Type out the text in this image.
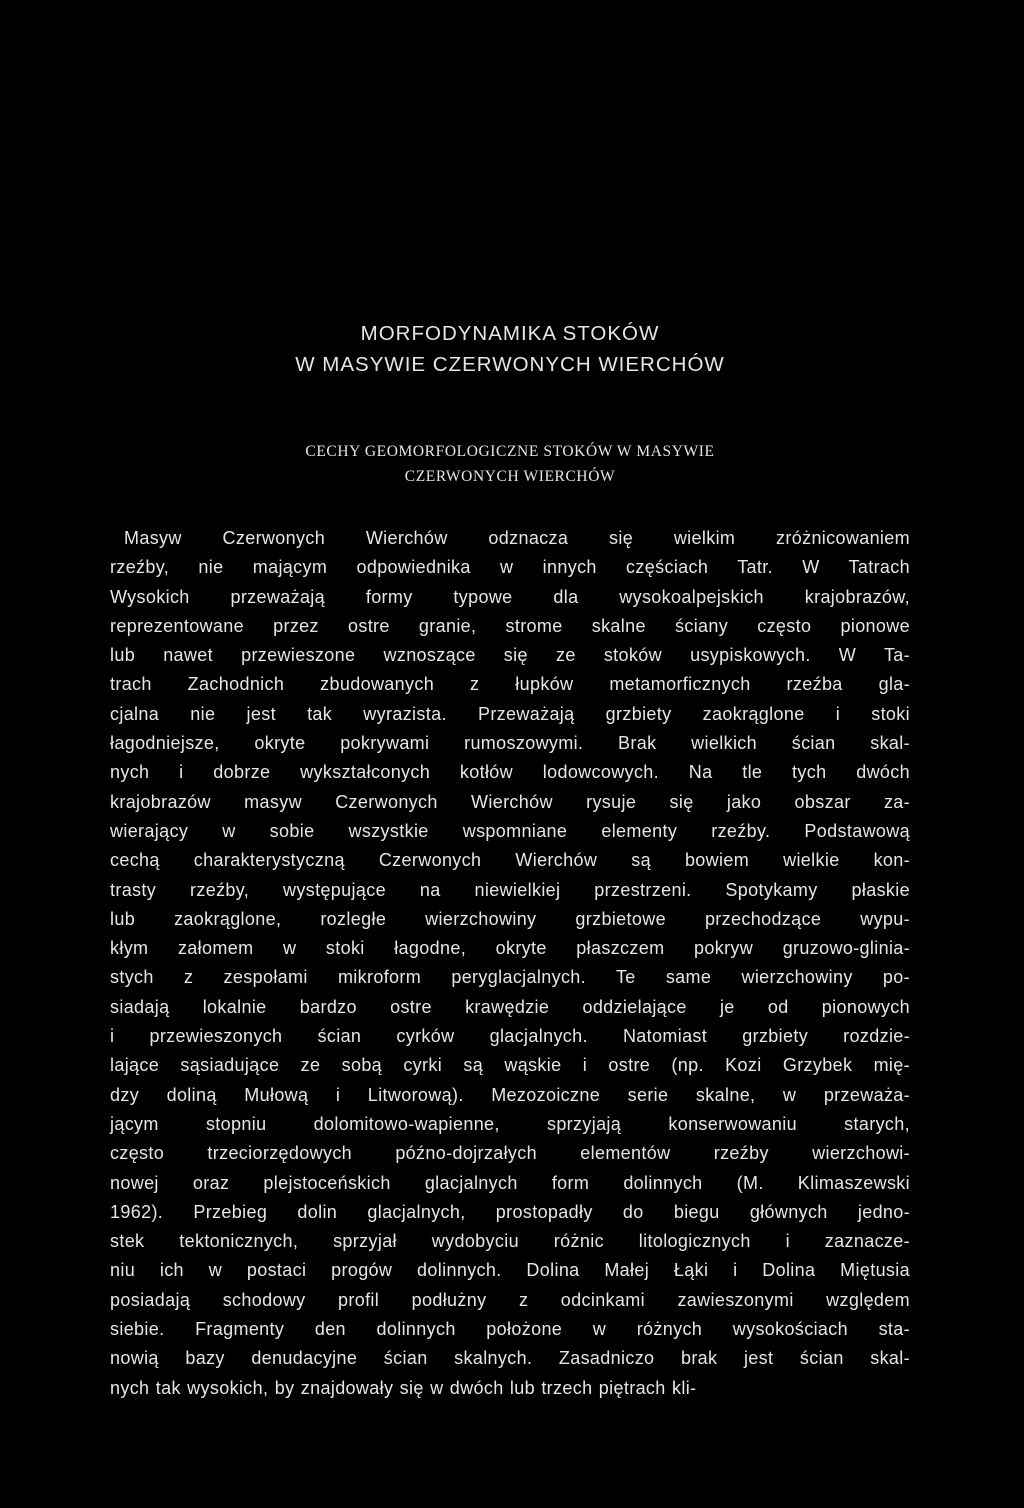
MORFODYNAMIKA STOKÓW
W MASYWIE CZERWONYCH WIERCHÓW
CECHY GEOMORFOLOGICZNE STOKÓW W MASYWIE
CZERWONYCH WIERCHÓW
Masyw Czerwonych Wierchów odznacza się wielkim zróżnicowaniem
rzeźby, nie mającym odpowiednika w innych częściach Tatr. W Tatrach
Wysokich przeważają formy typowe dla wysokoalpejskich krajobrazów,
reprezentowane przez ostre granie, strome skalne ściany często pionowe
lub nawet przewieszone wznoszące się ze stoków usypiskowych. W Ta-
trach Zachodnich zbudowanych z łupków metamorficznych rzeźba gla-
cjalna nie jest tak wyrazista. Przeważają grzbiety zaokrąglone i stoki
łagodniejsze, okryte pokrywami rumoszowymi. Brak wielkich ścian skal-
nych i dobrze wykształconych kotłów lodowcowych. Na tle tych dwóch
krajobrazów masyw Czerwonych Wierchów rysuje się jako obszar za-
wierający w sobie wszystkie wspomniane elementy rzeźby. Podstawową
cechą charakterystyczną Czerwonych Wierchów są bowiem wielkie kon-
trasty rzeźby, występujące na niewielkiej przestrzeni. Spotykamy płaskie
lub zaokrąglone, rozległe wierzchowiny grzbietowe przechodzące wypu-
kłym załomem w stoki łagodne, okryte płaszczem pokryw gruzowo-glinia-
stych z zespołami mikroform peryglacjalnych. Te same wierzchowiny po-
siadają lokalnie bardzo ostre krawędzie oddzielające je od pionowych
i przewieszonych ścian cyrków glacjalnych. Natomiast grzbiety rozdzie-
lające sąsiadujące ze sobą cyrki są wąskie i ostre (np. Kozi Grzybek mię-
dzy doliną Mułową i Litworową). Mezozoiczne serie skalne, w przeważa-
jącym stopniu dolomitowo-wapienne, sprzyjają konserwowaniu starych,
często trzeciorzędowych późno-dojrzałych elementów rzeźby wierzchowi-
nowej oraz plejstoceńskich glacjalnych form dolinnych (M. Klimaszewski
1962). Przebieg dolin glacjalnych, prostopadły do biegu głównych jedno-
stek tektonicznych, sprzyjał wydobyciu różnic litologicznych i zaznacze-
niu ich w postaci progów dolinnych. Dolina Małej Łąki i Dolina Miętusia
posiadają schodowy profil podłużny z odcinkami zawieszonymi względem
siebie. Fragmenty den dolinnych położone w różnych wysokościach sta-
nowią bazy denudacyjne ścian skalnych. Zasadniczo brak jest ścian skal-
nych tak wysokich, by znajdowały się w dwóch lub trzech piętrach kli-
